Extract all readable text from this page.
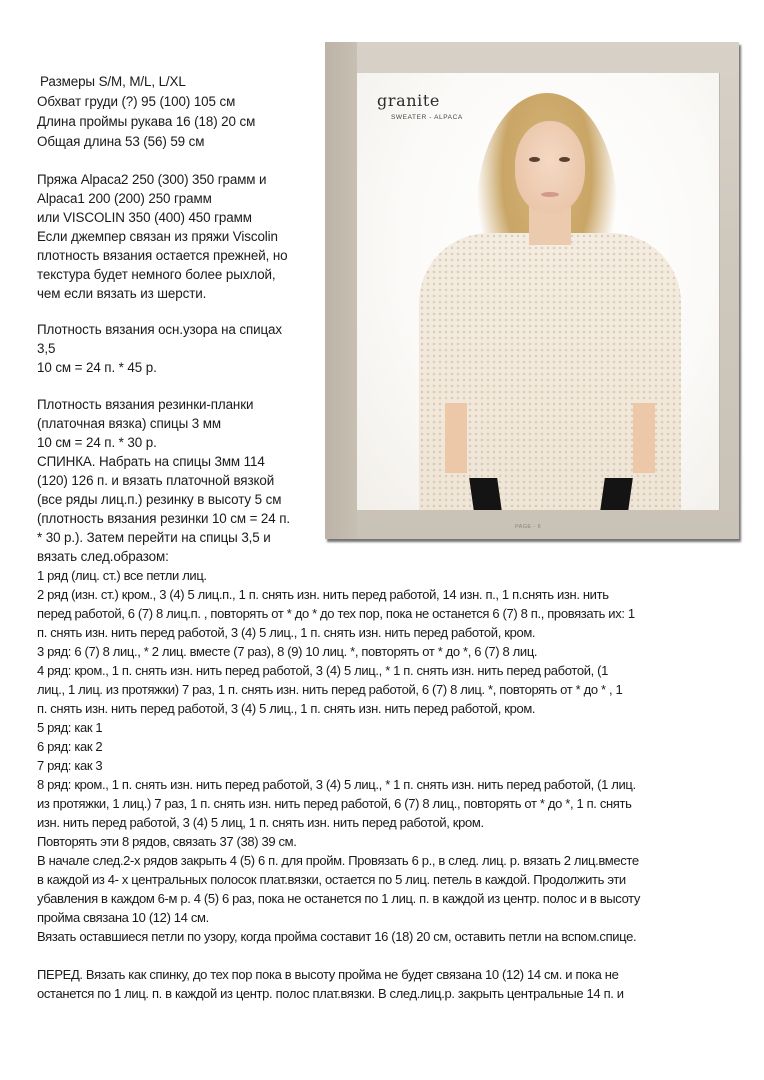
Размеры S/M, M/L, L/XL
Обхват груди (?) 95 (100) 105 см
Длина проймы рукава 16 (18) 20 см
Общая длина 53 (56) 59 см
Пряжа Alpaca2 250 (300) 350 грамм и
Alpaca1 200 (200) 250 грамм
или VISCOLIN 350 (400) 450 грамм
Если джемпер связан из пряжи Viscolin
плотность вязания остается прежней, но
текстура будет немного более рыхлой,
чем если вязать из шерсти.
Плотность вязания осн.узора на спицах
3,5
10 см = 24 п. * 45 р.
Плотность вязания резинки-планки
(платочная вязка) спицы 3 мм
10 см = 24 п. * 30 р.
СПИНКА. Набрать на спицы 3мм 114
(120) 126 п. и вязать платочной вязкой
(все ряды лиц.п.) резинку в высоту 5 см
(плотность вязания резинки 10 см = 24 п.
* 30 р.). Затем перейти на спицы 3,5 и
вязать след.образом:
1 ряд (лиц. ст.) все петли лиц.
2 ряд (изн. ст.) кром., 3 (4) 5 лиц.п., 1 п. снять изн. нить перед работой, 14 изн. п., 1 п.снять изн. нить
перед работой, 6 (7) 8 лиц.п. , повторять от * до * до тех пор, пока не останется 6 (7) 8 п., провязать их: 1
п. снять изн. нить перед работой, 3 (4) 5 лиц., 1 п. снять изн. нить перед работой, кром.
3 ряд: 6 (7) 8 лиц., * 2 лиц. вместе (7 раз), 8 (9) 10 лиц. *, повторять от * до *, 6 (7) 8 лиц.
4 ряд: кром., 1 п. снять изн. нить перед работой, 3 (4) 5 лиц., * 1 п. снять изн. нить перед работой, (1
лиц., 1 лиц. из протяжки) 7 раз, 1 п. снять изн. нить перед работой, 6 (7) 8 лиц. *, повторять от * до * , 1
п. снять изн. нить перед работой, 3 (4) 5 лиц., 1 п. снять изн. нить перед работой, кром.
5 ряд: как 1
6 ряд: как 2
7 ряд: как 3
8 ряд: кром., 1 п. снять изн. нить перед работой, 3 (4) 5 лиц., * 1 п. снять изн. нить перед работой, (1 лиц.
из протяжки, 1 лиц.) 7 раз, 1 п. снять изн. нить перед работой, 6 (7) 8 лиц., повторять от * до *, 1 п. снять
изн. нить перед работой, 3 (4) 5 лиц, 1 п. снять изн. нить перед работой, кром.
Повторять эти 8 рядов, связать 37 (38) 39 см.
В начале след.2-х рядов закрыть 4 (5) 6 п. для пройм. Провязать 6 р., в след. лиц. р. вязать 2 лиц.вместе
в каждой из 4- х центральных полосок плат.вязки, остается по 5 лиц. петель в каждой. Продолжить эти
убавления в каждом 6-м р. 4 (5) 6 раз, пока не останется по 1 лиц. п. в каждой из центр. полос и в высоту
пройма связана 10 (12) 14 см.
Вязать оставшиеся петли по узору, когда пройма составит 16 (18) 20 см, оставить петли на вспом.спице.
ПЕРЕД. Вязать как спинку, до тех пор пока в высоту пройма не будет связана 10 (12) 14 см. и пока не
останется по 1 лиц. п. в каждой из центр. полос плат.вязки. В след.лиц.р. закрыть центральные 14 п. и
granite
SWEATER - ALPACA
PAGE - 6
